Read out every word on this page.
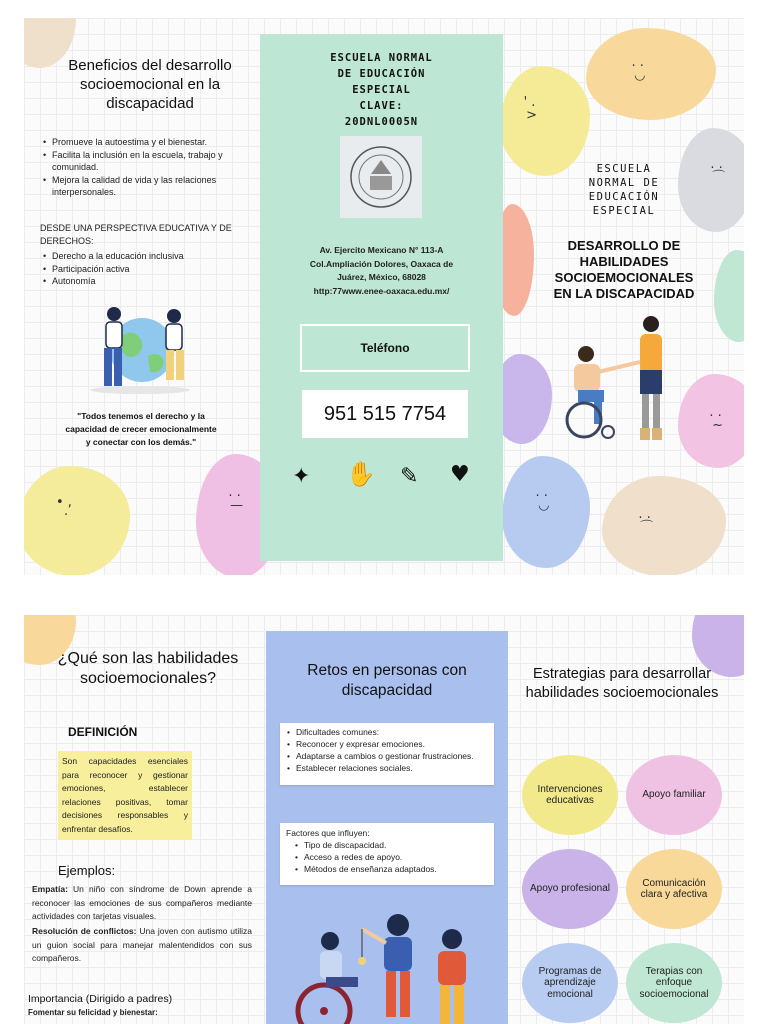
• ,
·
. .
—
' .
>
. .
◡
. .
⌒
. .
~
. .
◡
. .
⌒
Beneficios del desarrollo socioemocional en la discapacidad
• Promueve la autoestima y el bienestar.
• Facilita la inclusión en la escuela, trabajo y comunidad.
• Mejora la calidad de vida y las relaciones interpersonales.
DESDE UNA PERSPECTIVA EDUCATIVA Y DE DERECHOS:
• Derecho a la educación inclusiva
• Participación activa
• Autonomía
"Todos tenemos el derecho y la capacidad de crecer emocionalmente y conectar con los demás."
ESCUELA NORMAL
DE EDUCACIÓN
ESPECIAL
CLAVE:
20DNL0005N
Av. Ejercito Mexicano N° 113-A
Col.Ampliación Dolores, Oaxaca de
Juárez, México, 68028
http:77www.enee-oaxaca.edu.mx/
Teléfono
951 515 7754
✦ ✋ ✎ ♥
ESCUELA
NORMAL DE
EDUCACIÓN
ESPECIAL
DESARROLLO DE
HABILIDADES
SOCIOEMOCIONALES
EN LA DISCAPACIDAD
¿Qué son las habilidades socioemocionales?
DEFINICIÓN
Son capacidades esenciales para reconocer y gestionar emociones, establecer relaciones positivas, tomar decisiones responsables y enfrentar desafíos.
Ejemplos:
Empatía: Un niño con síndrome de Down aprende a reconocer las emociones de sus compañeros mediante actividades con tarjetas visuales.
Resolución de conflictos: Una joven con autismo utiliza un guion social para manejar malentendidos con sus compañeros.
Importancia (Dirigido a padres)
Fomentar su felicidad y bienestar:
Retos en personas con discapacidad
• Dificultades comunes:
• Reconocer y expresar emociones.
• Adaptarse a cambios o gestionar frustraciones.
• Establecer relaciones sociales.
Factores que influyen:
• Tipo de discapacidad.
• Acceso a redes de apoyo.
• Métodos de enseñanza adaptados.
Estrategias para desarrollar habilidades socioemocionales
Intervenciones educativas
Apoyo familiar
Apoyo profesional
Comunicación clara y afectiva
Programas de aprendizaje emocional
Terapias con enfoque socioemocional
